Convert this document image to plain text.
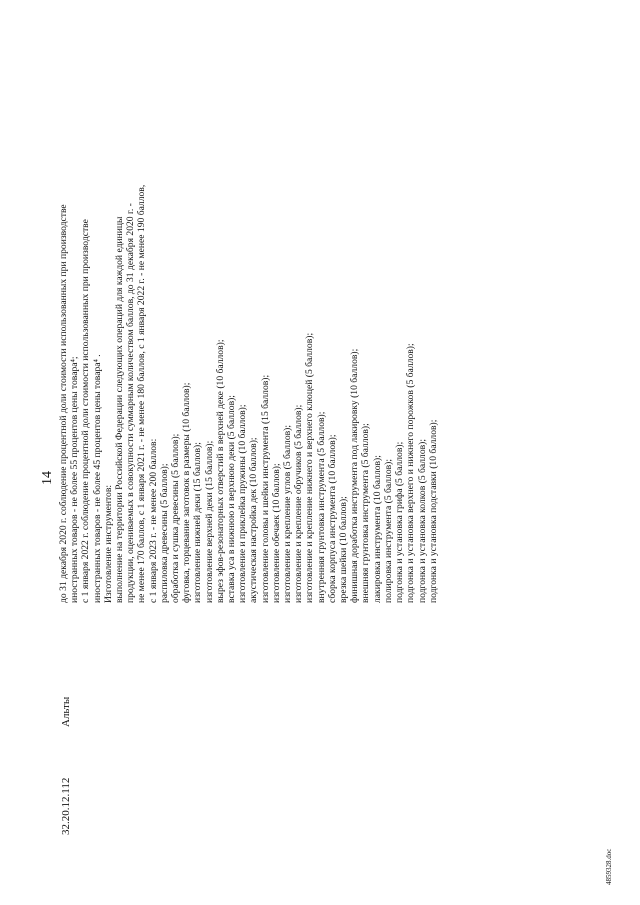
14
32.20.12.112
Альты
до 31 декабря 2020 г. соблюдение процентной доли стоимости использованных при производстве иностранных товаров - не более 55 процентов цены товара⁴; с 1 января 2022 г. соблюдение процентной доли стоимости использованных при производстве иностранных товаров - не более 45 процентов цены товара⁴ . Изготовление инструментов: выполнение на территории Российской Федерации следующих операций для каждой единицы продукции, оцениваемых в совокупности суммарным количеством баллов, до 31 декабря 2020 г. - не менее 170 баллов, с 1 января 2021 г. - не менее 180 баллов, с 1 января 2022 г. - не менее 190 баллов, с 1 января 2023 г. - не менее 200 баллов: распиловка древесины (5 баллов); обработка и сушка древесины (5 баллов); фуговка, торцевание заготовок в размеры (10 баллов); изготовление нижней деки (15 баллов); изготовление верхней деки (15 баллов); вырез эфов-резонаторных отверстий в верхней деке (10 баллов); вставка уса в нижнюю и верхнюю деки (5 баллов); изготовление и приклейка пружины (10 баллов); акустическая настройка дек (10 баллов); изготовление головы и шейки инструмента (15 баллов); изготовление обечаек (10 баллов); изготовление и крепление углов (5 баллов); изготовление и крепление обручиков (5 баллов); изготовление и крепление нижнего и верхнего клюцей (5 баллов); внутренняя грунтовка инструмента (5 баллов); сборка корпуса инструмента (10 баллов); врезка шейки (10 баллов); финишная доработка инструмента под лакировку (10 баллов); внешняя грунтовка инструмента (5 баллов); лакировка инструмента (10 баллов); полировка инструмента (5 баллов); подгонка и установка грифа (5 баллов); подгонка и установка верхнего и нижнего порожков (5 баллов); подгонка и установка колков (5 баллов); подгонка и установка подставки (10 баллов);
4859328.doc
